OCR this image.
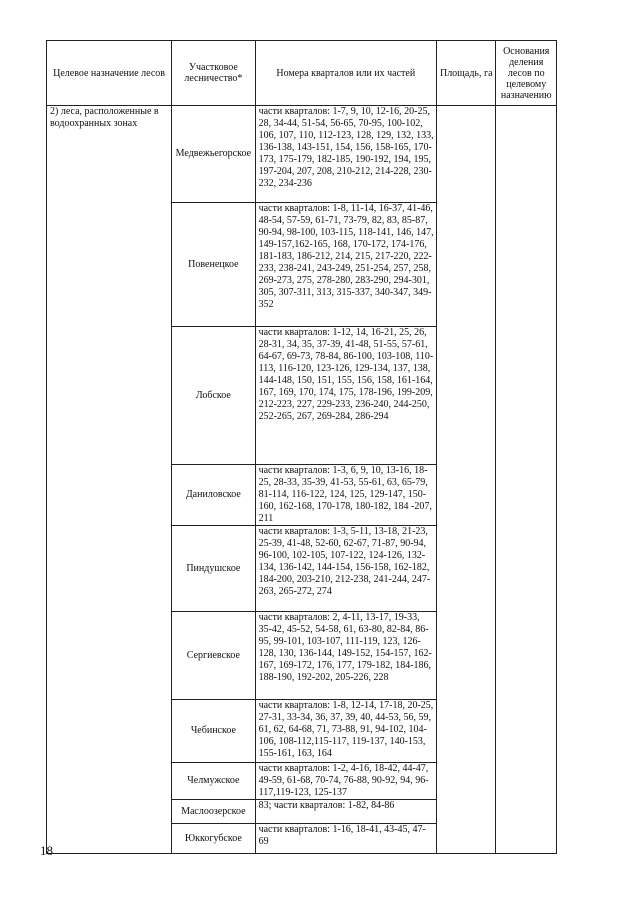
Целевое назначение лесов	Участковое лесничество*	Номера кварталов или их частей	Площадь, га	Основания деления лесов по целевому назначению
2) леса, расположенные в водоохранных зонах	Медвежьегорское	части кварталов: 1-7, 9, 10, 12-16, 20-25, 28, 34-44, 51-54, 56-65, 70-95, 100-102, 106, 107, 110, 112-123, 128, 129, 132, 133, 136-138, 143-151, 154, 156, 158-165, 170-173, 175-179, 182-185, 190-192, 194, 195, 197-204, 207, 208, 210-212, 214-228, 230-232, 234-236		
	Повенецкое	части кварталов: 1-8, 11-14, 16-37, 41-46, 48-54, 57-59, 61-71, 73-79, 82, 83, 85-87, 90-94, 98-100, 103-115, 118-141, 146, 147, 149-157,162-165, 168, 170-172, 174-176, 181-183, 186-212, 214, 215, 217-220, 222-233, 238-241, 243-249, 251-254, 257, 258, 269-273, 275, 278-280, 283-290, 294-301, 305, 307-311, 313, 315-337, 340-347, 349-352		
	Лобское	части кварталов: 1-12, 14, 16-21, 25, 26, 28-31, 34, 35, 37-39, 41-48, 51-55, 57-61, 64-67, 69-73, 78-84, 86-100, 103-108, 110-113, 116-120, 123-126, 129-134, 137, 138, 144-148, 150, 151, 155, 156, 158, 161-164, 167, 169, 170, 174, 175, 178-196, 199-209, 212-223, 227, 229-233, 236-240, 244-250, 252-265, 267, 269-284, 286-294		
	Даниловское	части кварталов: 1-3, 6, 9, 10, 13-16, 18-25, 28-33, 35-39, 41-53, 55-61, 63, 65-79, 81-114, 116-122, 124, 125, 129-147, 150-160, 162-168, 170-178, 180-182, 184 -207, 211		
	Пиндушское	части кварталов: 1-3, 5-11, 13-18, 21-23, 25-39, 41-48, 52-60, 62-67, 71-87, 90-94, 96-100, 102-105, 107-122, 124-126, 132-134, 136-142, 144-154, 156-158, 162-182, 184-200, 203-210, 212-238, 241-244, 247-263, 265-272, 274		
	Сергиевское	части кварталов: 2, 4-11, 13-17, 19-33, 35-42, 45-52, 54-58, 61, 63-80, 82-84, 86-95, 99-101, 103-107, 111-119, 123, 126-128, 130, 136-144, 149-152, 154-157, 162-167, 169-172, 176, 177, 179-182, 184-186, 188-190, 192-202, 205-226, 228		
	Чебинское	части кварталов: 1-8, 12-14, 17-18, 20-25, 27-31, 33-34, 36, 37, 39, 40, 44-53, 56, 59, 61, 62, 64-68, 71, 73-88, 91, 94-102, 104-106, 108-112,115-117, 119-137, 140-153, 155-161, 163, 164		
	Челмужское	части кварталов: 1-2, 4-16, 18-42, 44-47, 49-59, 61-68, 70-74, 76-88, 90-92, 94, 96-117,119-123, 125-137		
	Маслоозерское	83; части кварталов: 1-82, 84-86		
	Юккогубское	части кварталов: 1-16, 18-41, 43-45, 47-69		
18
